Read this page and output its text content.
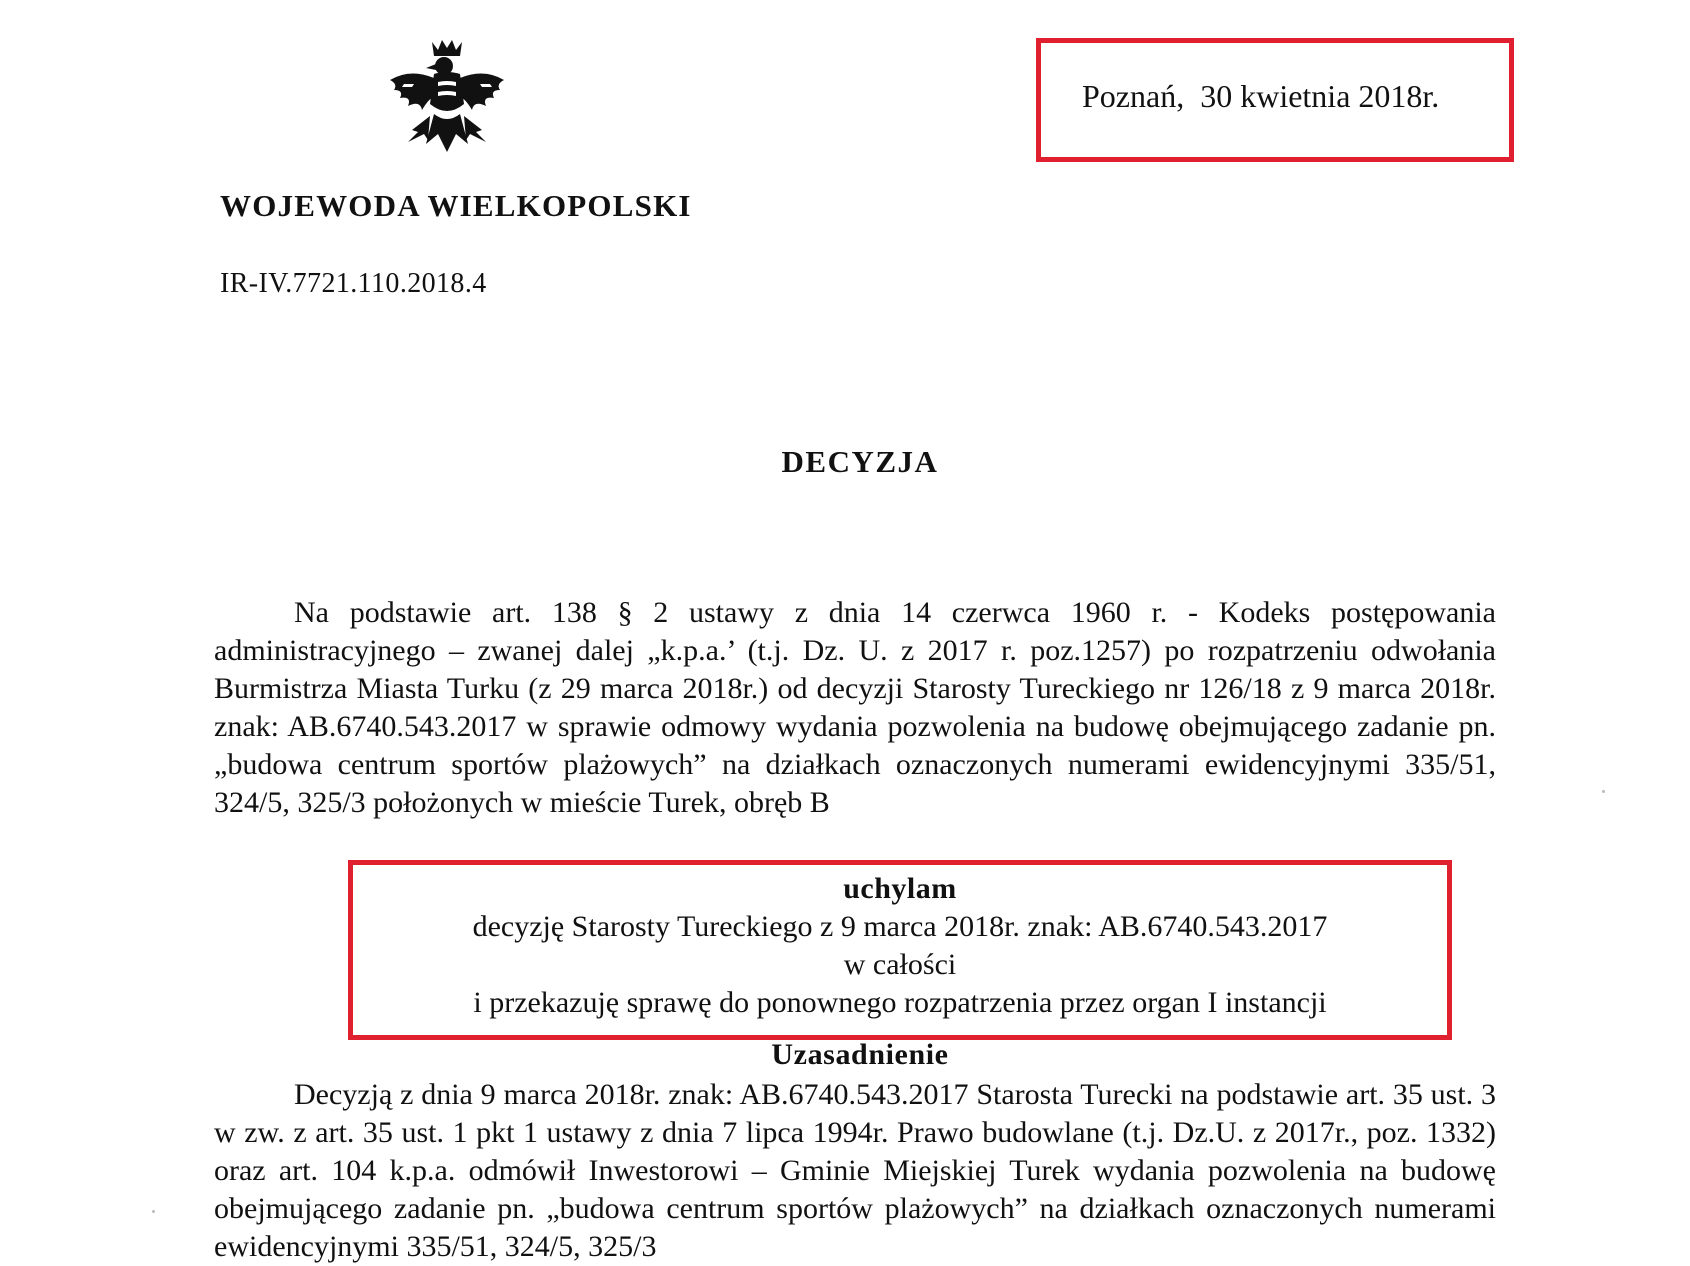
WOJEWODA WIELKOPOLSKI
IR-IV.7721.110.2018.4
Poznań,  30 kwietnia 2018r.
DECYZJA
Na podstawie art. 138 § 2 ustawy z dnia 14 czerwca 1960 r. - Kodeks postępowania administracyjnego – zwanej dalej „k.p.a.’ (t.j. Dz. U. z 2017 r. poz.1257) po rozpatrzeniu odwołania Burmistrza Miasta Turku (z 29 marca 2018r.) od decyzji Starosty Tureckiego nr 126/18 z 9 marca 2018r. znak: AB.6740.543.2017 w sprawie odmowy wydania pozwolenia na budowę obejmującego zadanie pn. „budowa centrum sportów plażowych” na działkach oznaczonych numerami ewidencyjnymi 335/51, 324/5, 325/3 położonych w mieście Turek, obręb B
uchylam
decyzję Starosty Tureckiego z 9 marca 2018r. znak: AB.6740.543.2017
w całości
i przekazuję sprawę do ponownego rozpatrzenia przez organ I instancji
Uzasadnienie
Decyzją z dnia 9 marca 2018r. znak: AB.6740.543.2017 Starosta Turecki na podstawie art. 35 ust. 3 w zw. z art. 35 ust. 1 pkt 1 ustawy z dnia 7 lipca 1994r. Prawo budowlane (t.j. Dz.U. z 2017r., poz. 1332) oraz art. 104 k.p.a. odmówił Inwestorowi – Gminie Miejskiej Turek wydania pozwolenia na budowę obejmującego zadanie pn. „budowa centrum sportów plażowych” na działkach oznaczonych numerami ewidencyjnymi 335/51, 324/5, 325/3
